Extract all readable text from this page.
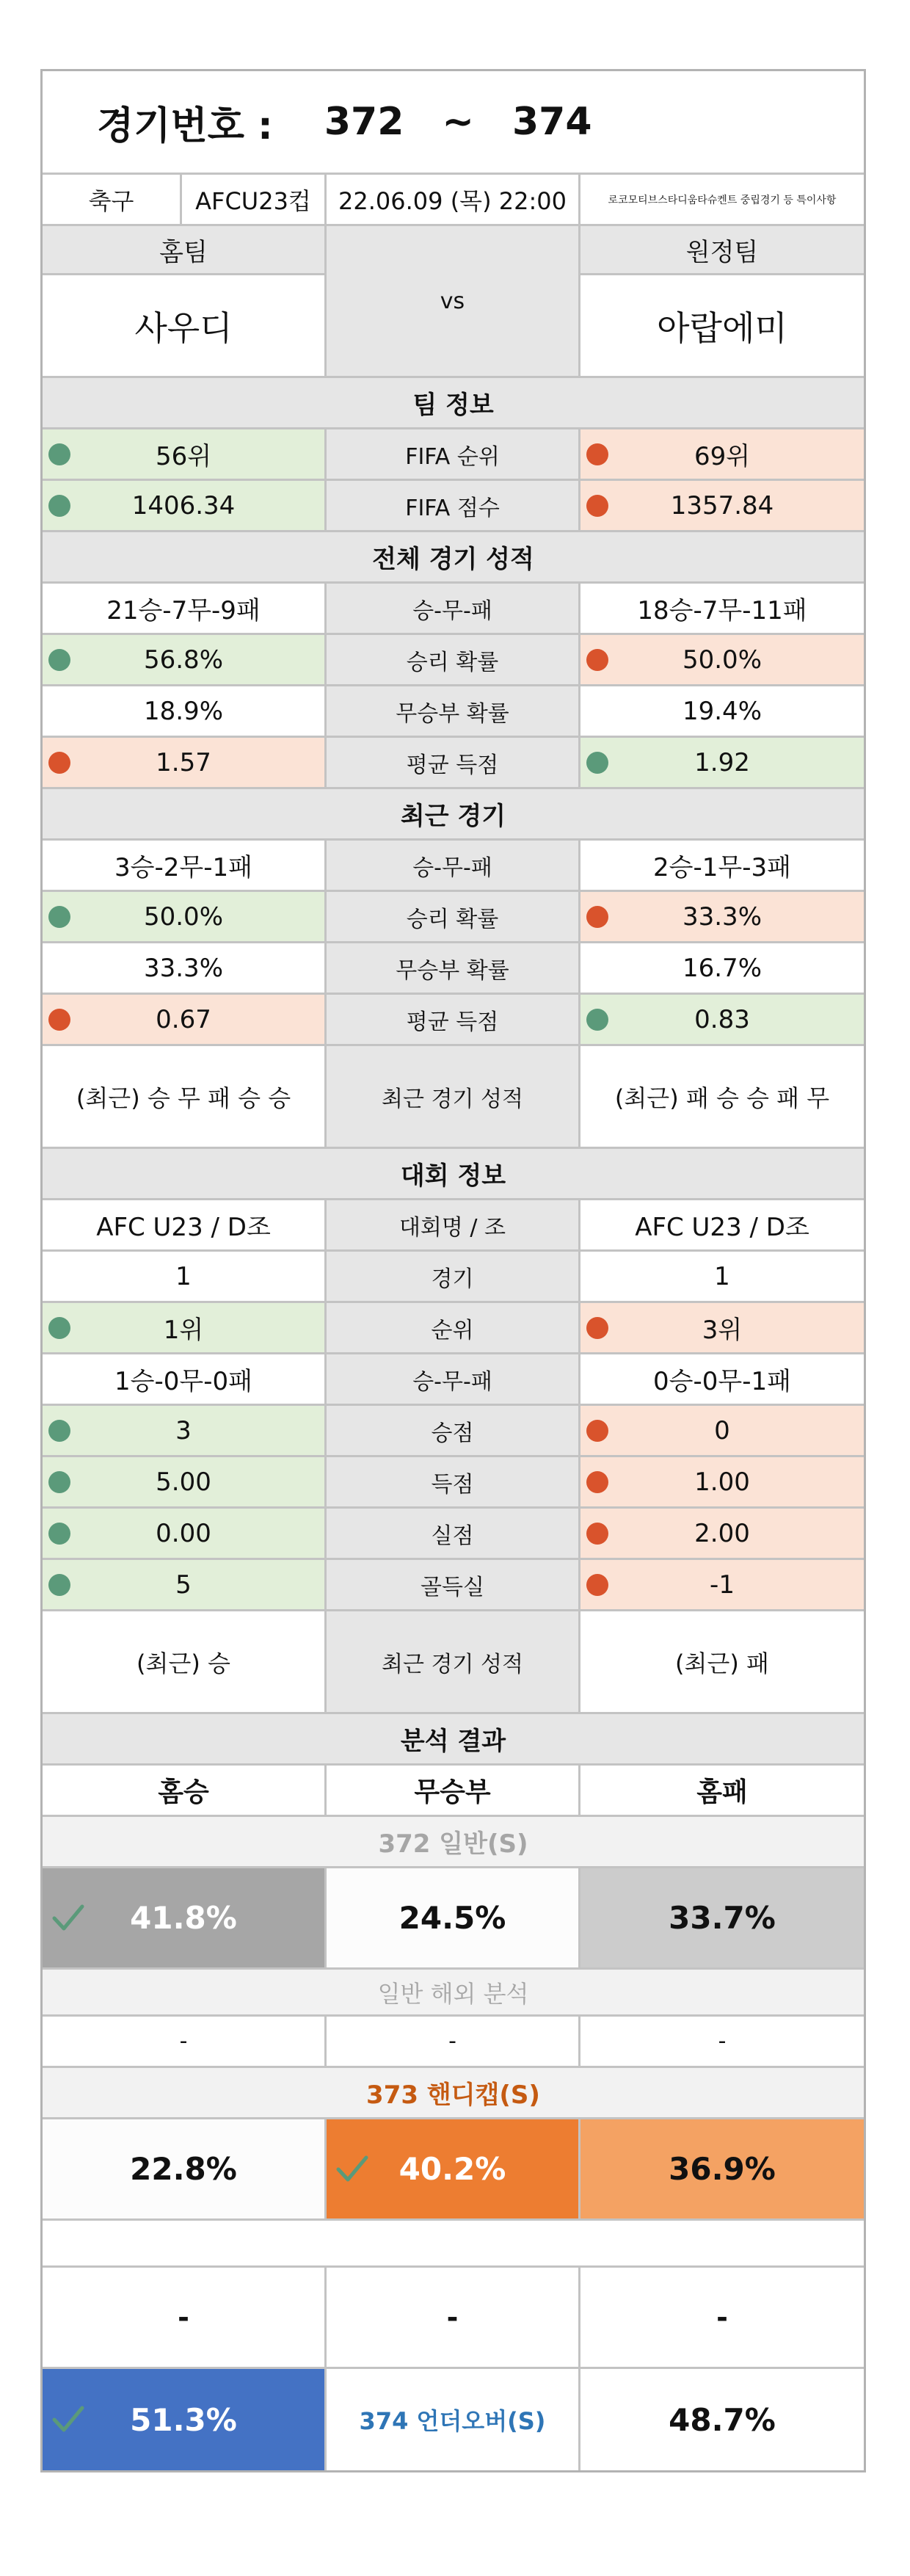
경기번호 : 372 ~ 374
축구	AFCU23컵	22.06.09 (목) 22:00	로코모티브스타디움타슈켄트 중립경기 등 특이사항
홈팀
사우디
vs
원정팀
아랍에미
팀 정보
56위	FIFA 순위	69위
1406.34	FIFA 점수	1357.84
전체 경기 성적
21승-7무-9패	승-무-패	18승-7무-11패
56.8%	승리 확률	50.0%
18.9%	무승부 확률	19.4%
1.57	평균 득점	1.92
최근 경기
3승-2무-1패	승-무-패	2승-1무-3패
50.0%	승리 확률	33.3%
33.3%	무승부 확률	16.7%
0.67	평균 득점	0.83
(최근) 승 무 패 승 승	최근 경기 성적	(최근) 패 승 승 패 무
대회 정보
AFC U23 / D조	대회명 / 조	AFC U23 / D조
1	경기	1
1위	순위	3위
1승-0무-0패	승-무-패	0승-0무-1패
3	승점	0
5.00	득점	1.00
0.00	실점	2.00
5	골득실	-1
(최근) 승	최근 경기 성적	(최근) 패
분석 결과
홈승	무승부	홈패
372 일반(S)
41.8%	24.5%	33.7%
일반 해외 분석
-	-	-
373 핸디캡(S)
22.8%	40.2%	36.9%
-	-	-
51.3%	374 언더오버(S)	48.7%
